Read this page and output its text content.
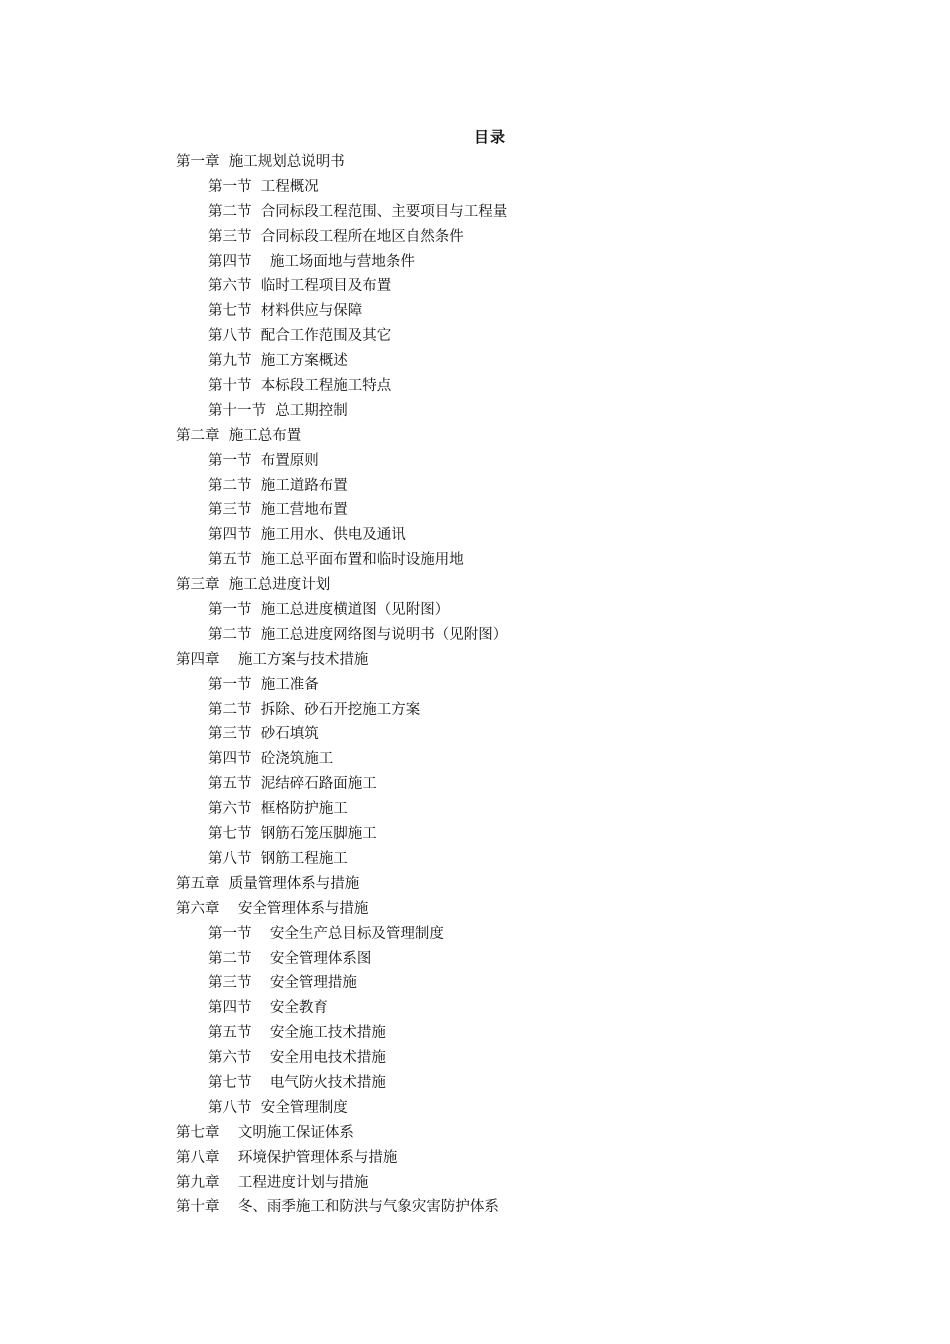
目录
第一章  施工规划总说明书
第一节  工程概况
第二节  合同标段工程范围、主要项目与工程量
第三节  合同标段工程所在地区自然条件
第四节    施工场面地与营地条件
第六节  临时工程项目及布置
第七节  材料供应与保障
第八节  配合工作范围及其它
第九节  施工方案概述
第十节  本标段工程施工特点
第十一节  总工期控制
第二章  施工总布置
第一节  布置原则
第二节  施工道路布置
第三节  施工营地布置
第四节  施工用水、供电及通讯
第五节  施工总平面布置和临时设施用地
第三章  施工总进度计划
第一节  施工总进度横道图（见附图）
第二节  施工总进度网络图与说明书（见附图）
第四章    施工方案与技术措施
第一节  施工准备
第二节  拆除、砂石开挖施工方案
第三节  砂石填筑
第四节  砼浇筑施工
第五节  泥结碎石路面施工
第六节  框格防护施工
第七节  钢筋石笼压脚施工
第八节  钢筋工程施工
第五章  质量管理体系与措施
第六章    安全管理体系与措施
第一节    安全生产总目标及管理制度
第二节    安全管理体系图
第三节    安全管理措施
第四节    安全教育
第五节    安全施工技术措施
第六节    安全用电技术措施
第七节    电气防火技术措施
第八节  安全管理制度
第七章    文明施工保证体系
第八章    环境保护管理体系与措施
第九章    工程进度计划与措施
第十章    冬、雨季施工和防洪与气象灾害防护体系
